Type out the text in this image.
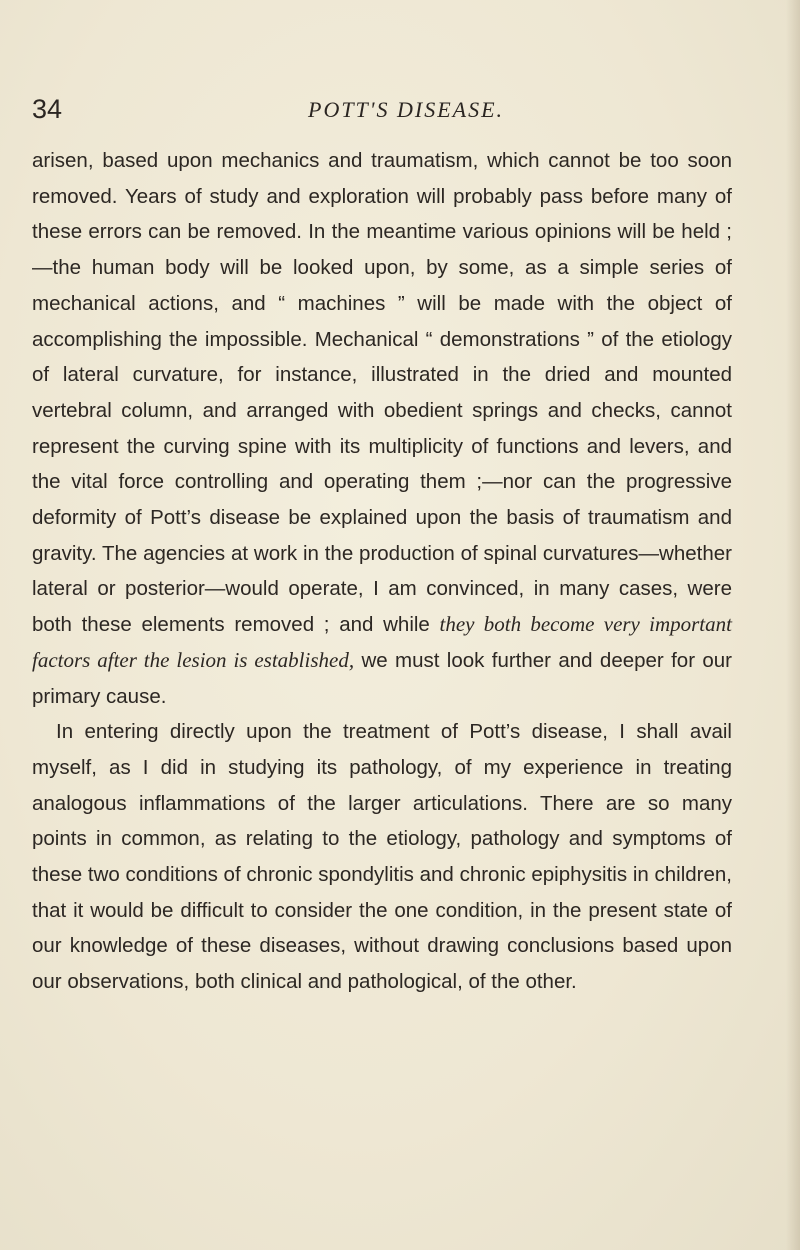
34	POTT'S DISEASE.

arisen, based upon mechanics and traumatism, which cannot be too soon removed. Years of study and exploration will probably pass before many of these errors can be removed. In the meantime various opinions will be held ;—the human body will be looked upon, by some, as a simple series of mechanical actions, and “ machines ” will be made with the object of accomplishing the impossible. Mechanical “ demonstrations ” of the etiology of lateral curvature, for instance, illustrated in the dried and mounted vertebral column, and arranged with obedient springs and checks, cannot represent the curving spine with its multiplicity of functions and levers, and the vital force controlling and operating them ;—nor can the progressive deformity of Pott’s disease be explained upon the basis of traumatism and gravity. The agencies at work in the production of spinal curvatures—whether lateral or posterior—would operate, I am convinced, in many cases, were both these elements removed ; and while they both become very important factors after the lesion is established, we must look further and deeper for our primary cause.

In entering directly upon the treatment of Pott’s disease, I shall avail myself, as I did in studying its pathology, of my experience in treating analogous inflammations of the larger articulations. There are so many points in common, as relating to the etiology, pathology and symptoms of these two conditions of chronic spondylitis and chronic epiphysitis in children, that it would be difficult to consider the one condition, in the present state of our knowledge of these diseases, without drawing conclusions based upon our observations, both clinical and pathological, of the other.
